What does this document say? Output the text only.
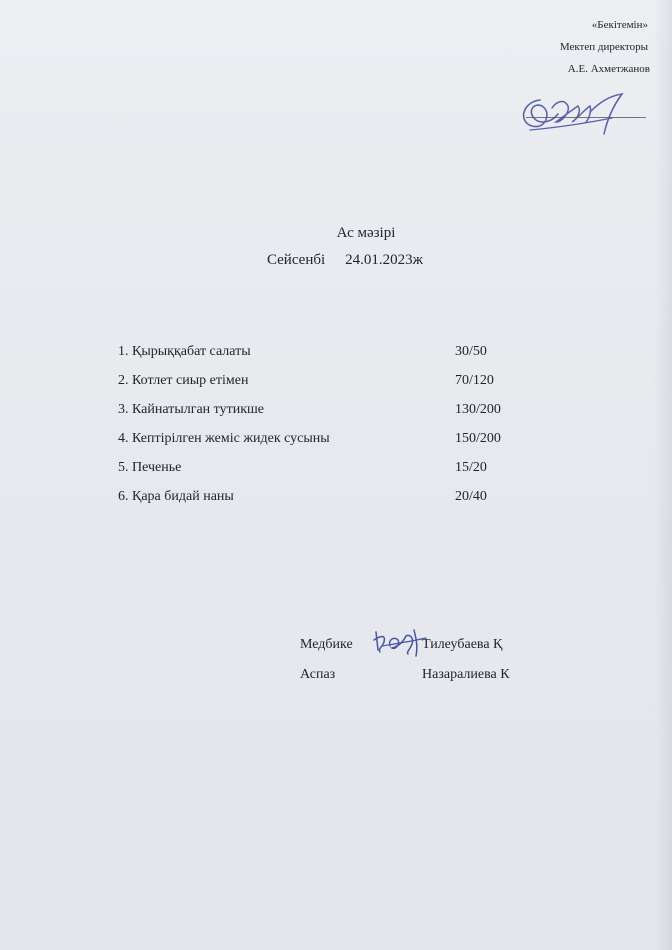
«Бекітемін»
Мектеп директоры
А.Е. Ахметжанов
Ас мәзірі
Сейсенбі 24.01.2023ж
1. Қырыққабат салаты	30/50
2. Котлет сиыр етімен	70/120
3. Кайнатылган тутикше	130/200
4. Кептірілген жеміс жидек сусыны	150/200
5. Печенье	15/20
6. Қара бидай наны	20/40
Медбике	Тилеубаева Қ
Аспаз	Назаралиева К
